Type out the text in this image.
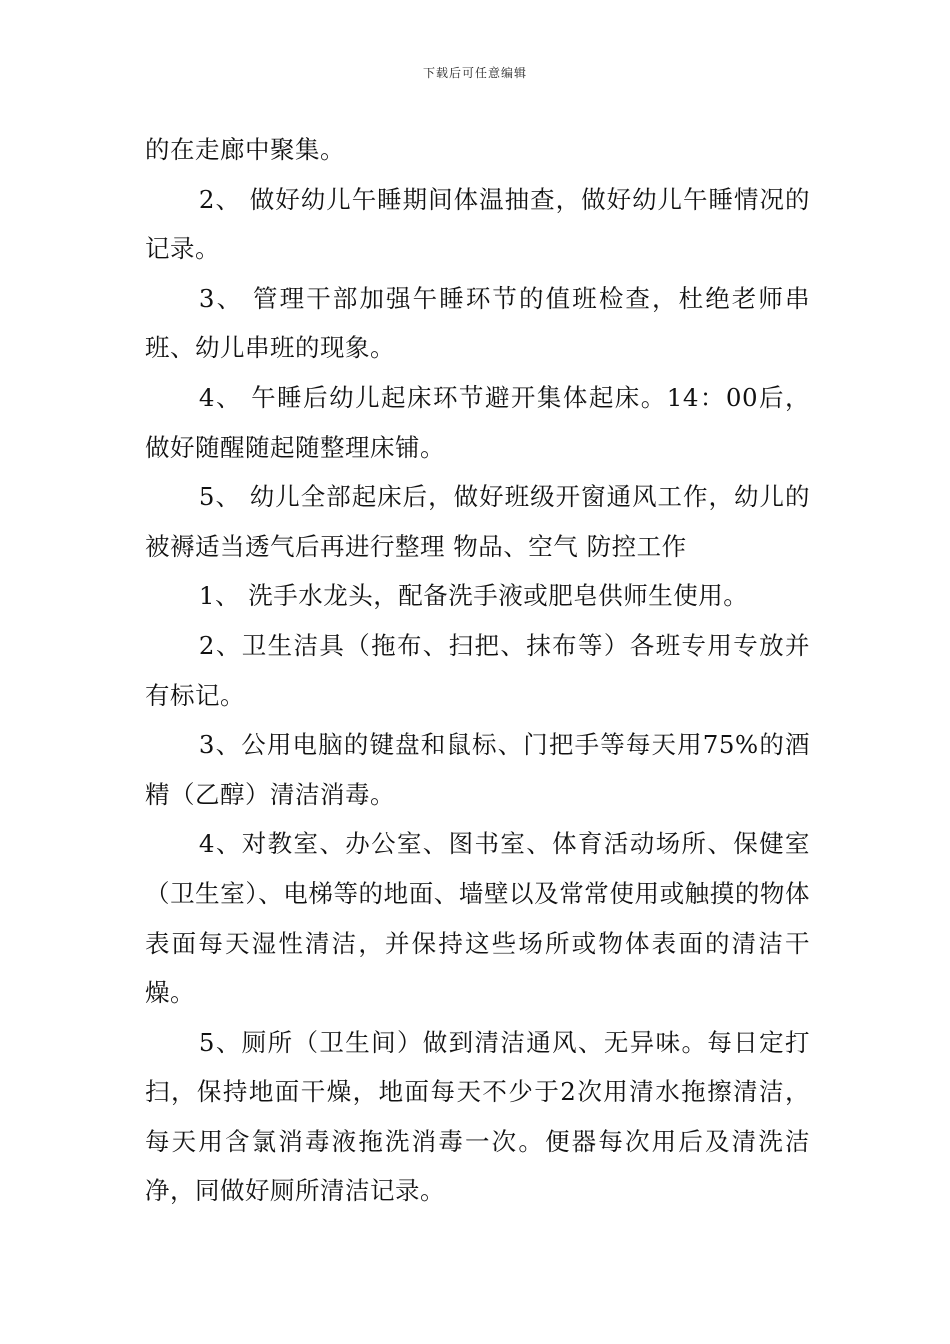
下载后可任意编辑

的在走廊中聚集。

2、 做好幼儿午睡期间体温抽查，做好幼儿午睡情况的记录。

3、 管理干部加强午睡环节的值班检查，杜绝老师串班、幼儿串班的现象。

4、 午睡后幼儿起床环节避开集体起床。14：00后，做好随醒随起随整理床铺。

5、 幼儿全部起床后，做好班级开窗通风工作，幼儿的被褥适当透气后再进行整理 物品、空气 防控工作

1、 洗手水龙头，配备洗手液或肥皂供师生使用。

2、卫生洁具（拖布、扫把、抹布等）各班专用专放并有标记。

3、公用电脑的键盘和鼠标、门把手等每天用75%的酒精（乙醇）清洁消毒。

4、对教室、办公室、图书室、体育活动场所、保健室（卫生室）、电梯等的地面、墙壁以及常常使用或触摸的物体表面每天湿性清洁，并保持这些场所或物体表面的清洁干燥。

5、厕所（卫生间）做到清洁通风、无异味。每日定打扫，保持地面干燥，地面每天不少于2次用清水拖擦清洁，每天用含氯消毒液拖洗消毒一次。便器每次用后及清洗洁净，同做好厕所清洁记录。
